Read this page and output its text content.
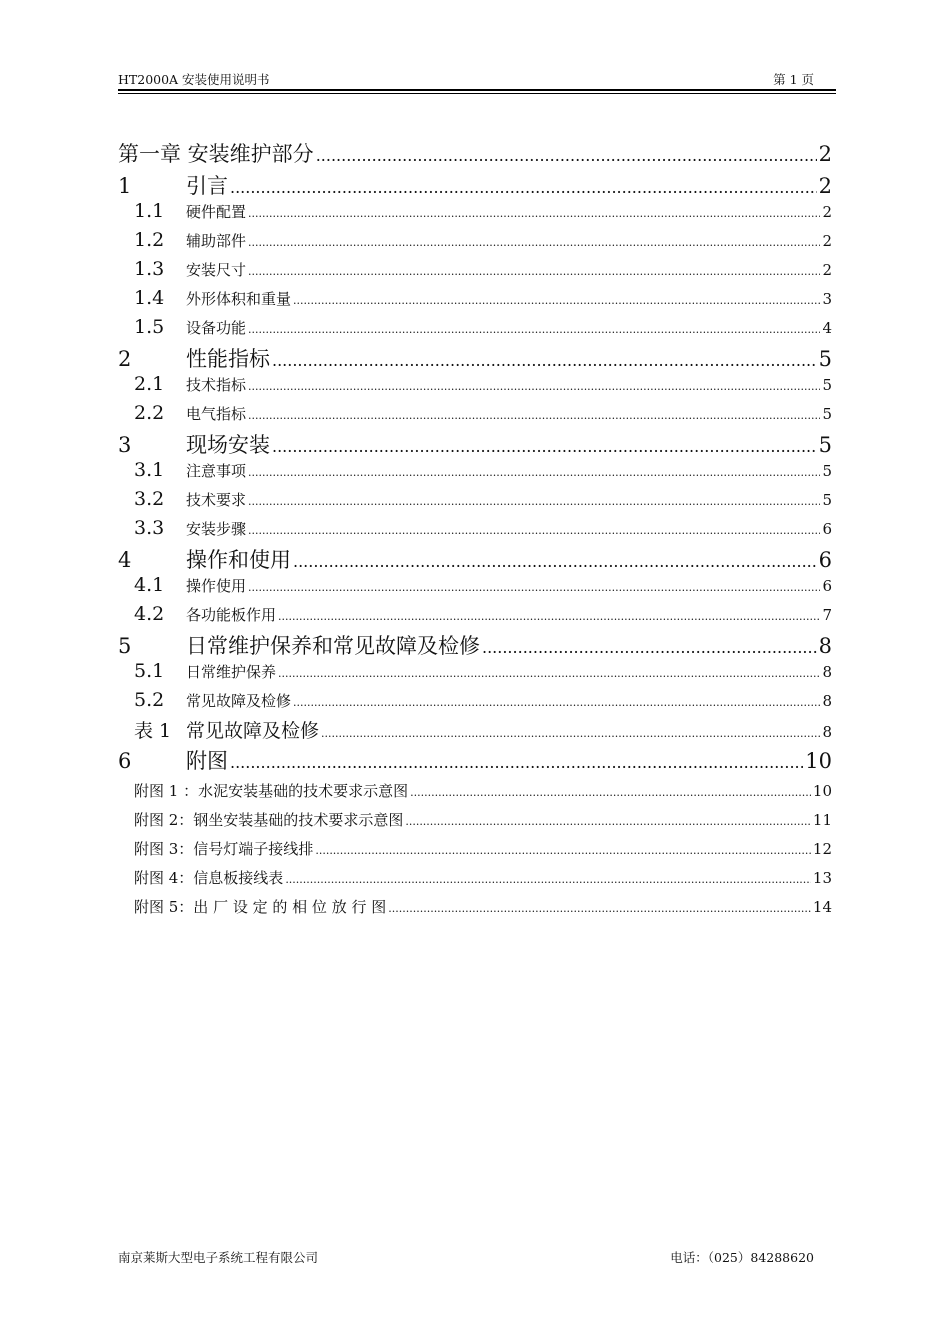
HT2000A 安装使用说明书	第 1 页
第一章 安装维护部分 .....	2
1	引言 .....	2
1.1	硬件配置 .....	2
1.2	辅助部件 .....	2
1.3	安装尺寸 .....	2
1.4	外形体积和重量 .....	3
1.5	设备功能 .....	4
2	性能指标 .....	5
2.1	技术指标 .....	5
2.2	电气指标 .....	5
3	现场安装 .....	5
3.1	注意事项 .....	5
3.2	技术要求 .....	5
3.3	安装步骤 .....	6
4	操作和使用 .....	6
4.1	操作使用 .....	6
4.2	各功能板作用 .....	7
5	日常维护保养和常见故障及检修 .....	8
5.1	日常维护保养 .....	8
5.2	常见故障及检修 .....	8
表 1 常见故障及检修 .....	8
6	附图 .....	10
附图 1 ：水泥安装基础的技术要求示意图 .....	10
附图 2：钢坐安装基础的技术要求示意图 .....	11
附图 3：信号灯端子接线排 .....	12
附图 4：信息板接线表 .....	13
附图 5：出 厂 设 定 的 相 位 放 行 图 .....	14
南京莱斯大型电子系统工程有限公司	电话：（025）84288620
